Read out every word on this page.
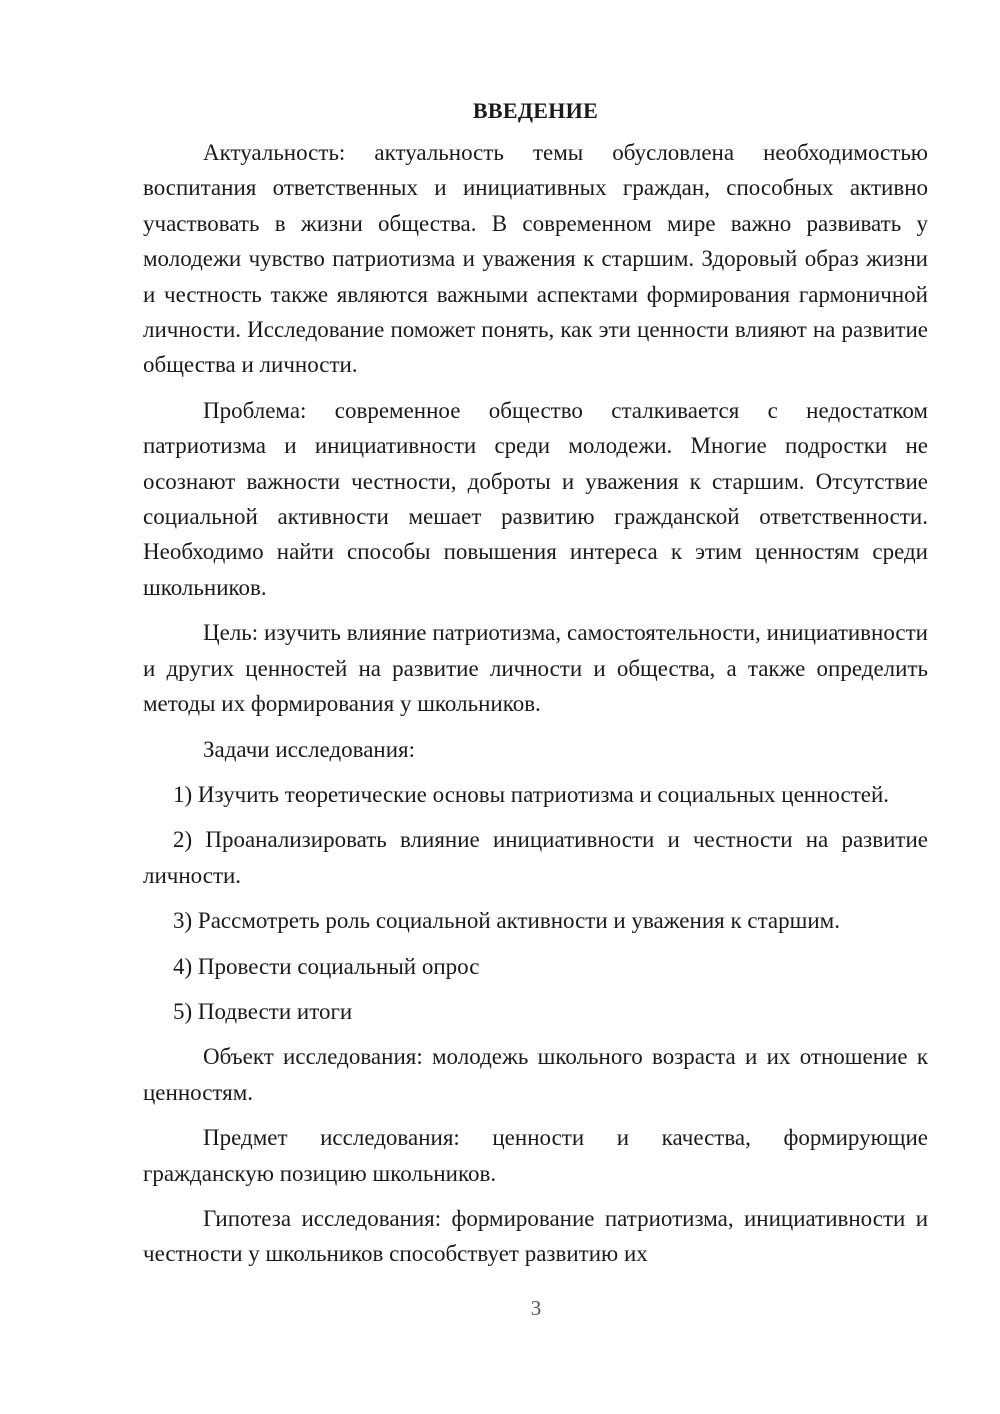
ВВЕДЕНИЕ

Актуальность: актуальность темы обусловлена необходимостью воспитания ответственных и инициативных граждан, способных активно участвовать в жизни общества. В современном мире важно развивать у молодежи чувство патриотизма и уважения к старшим. Здоровый образ жизни и честность также являются важными аспектами формирования гармоничной личности. Исследование поможет понять, как эти ценности влияют на развитие общества и личности.

Проблема: современное общество сталкивается с недостатком патриотизма и инициативности среди молодежи. Многие подростки не осознают важности честности, доброты и уважения к старшим. Отсутствие социальной активности мешает развитию гражданской ответственности. Необходимо найти способы повышения интереса к этим ценностям среди школьников.

Цель: изучить влияние патриотизма, самостоятельности, инициативности и других ценностей на развитие личности и общества, а также определить методы их формирования у школьников.

Задачи исследования:

1) Изучить теоретические основы патриотизма и социальных ценностей.

2) Проанализировать влияние инициативности и честности на развитие личности.

3) Рассмотреть роль социальной активности и уважения к старшим.

4) Провести социальный опрос

5) Подвести итоги

Объект исследования: молодежь школьного возраста и их отношение к ценностям.

Предмет исследования: ценности и качества, формирующие гражданскую позицию школьников.

Гипотеза исследования: формирование патриотизма, инициативности и честности у школьников способствует развитию их

3
